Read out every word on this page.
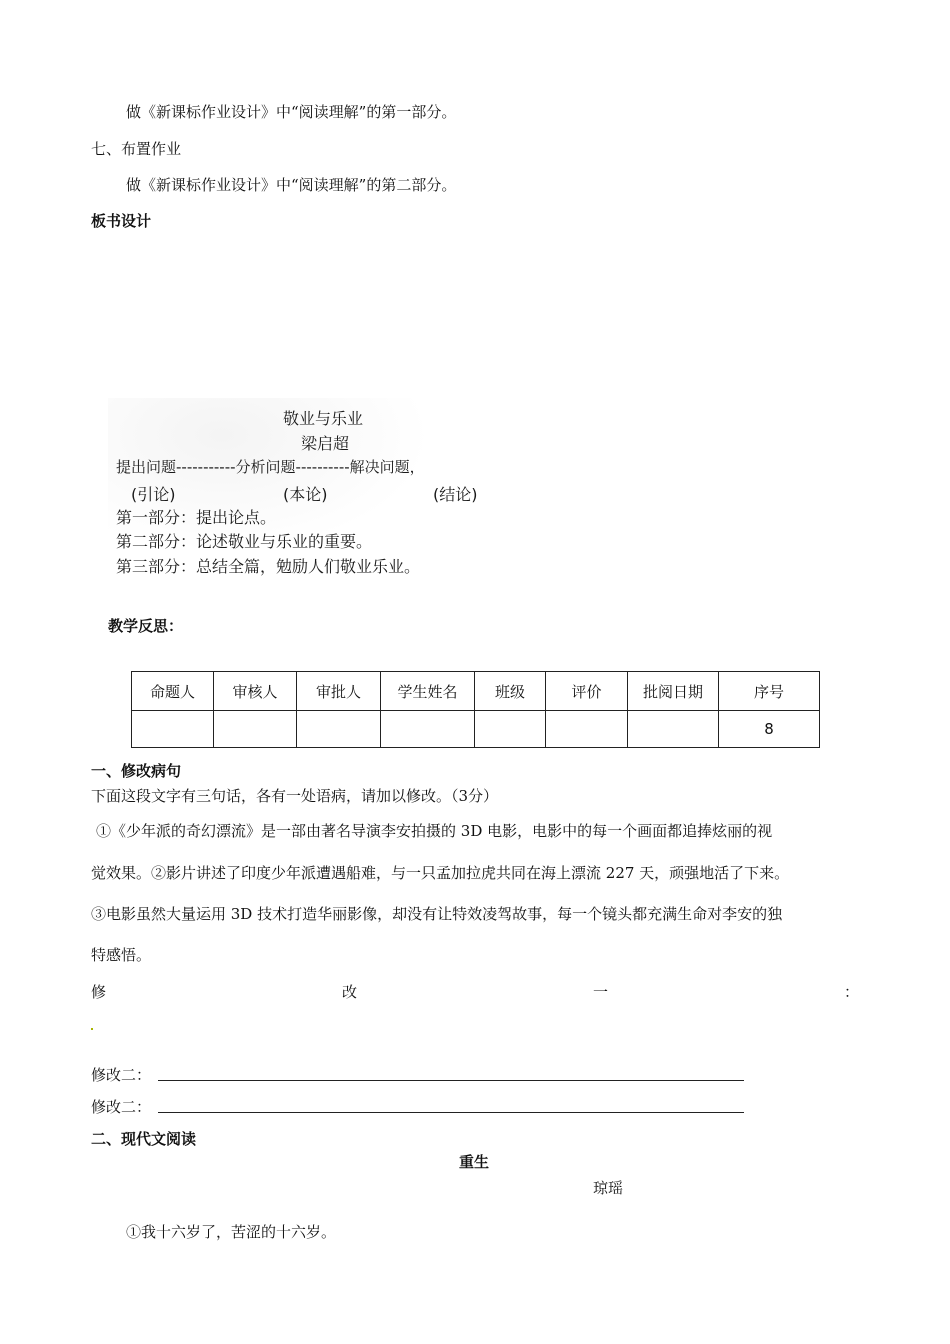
做《新课标作业设计》中“阅读理解”的第一部分。
七、布置作业
做《新课标作业设计》中“阅读理解”的第二部分。
板书设计
敬业与乐业
梁启超
提出问题-----------分析问题----------解决问题，
(引论)	(本论)	(结论)
第一部分：提出论点。
第二部分：论述敬业与乐业的重要。
第三部分：总结全篇，勉励人们敬业乐业。
教学反思：
命题人	审核人	审批人	学生姓名	班级	评价	批阅日期	序号
							8
一、修改病句
下面这段文字有三句话，各有一处语病，请加以修改。（3分）
①《少年派的奇幻漂流》是一部由著名导演李安拍摄的 3D 电影，电影中的每一个画面都追捧炫丽的视
觉效果。②影片讲述了印度少年派遭遇船难，与一只孟加拉虎共同在海上漂流 227 天，顽强地活了下来。
③电影虽然大量运用 3D 技术打造华丽影像，却没有让特效凌驾故事，每一个镜头都充满生命对李安的独
特感悟。
修	改	一	：
修改二：
修改二：
二、现代文阅读
重生
琼瑶
①我十六岁了，苦涩的十六岁。
